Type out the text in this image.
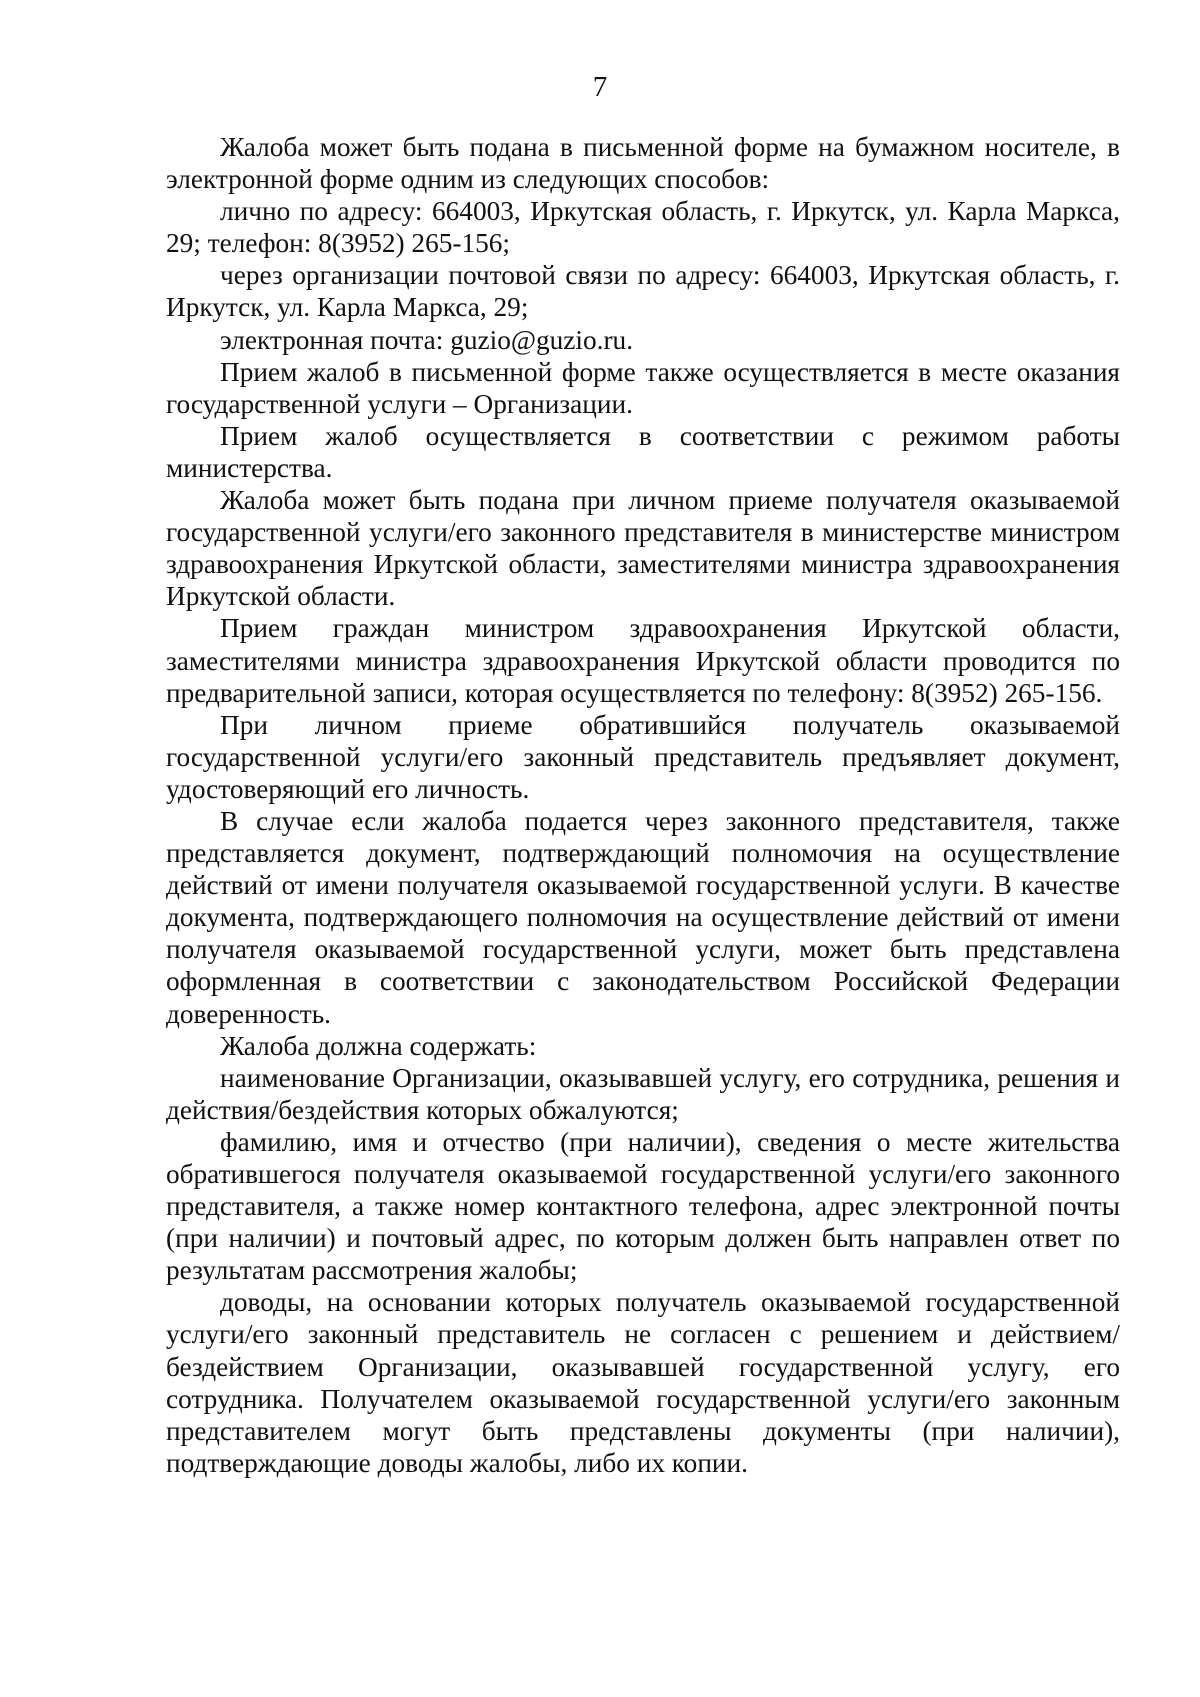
7

Жалоба может быть подана в письменной форме на бумажном носителе, в электронной форме одним из следующих способов:

лично по адресу: 664003, Иркутская область, г. Иркутск, ул. Карла Маркса, 29; телефон: 8(3952) 265-156;

через организации почтовой связи по адресу: 664003, Иркутская область, г. Иркутск, ул. Карла Маркса, 29;

электронная почта: guzio@guzio.ru.

Прием жалоб в письменной форме также осуществляется в месте оказания государственной услуги – Организации.

Прием жалоб осуществляется в соответствии с режимом работы министерства.

Жалоба может быть подана при личном приеме получателя оказываемой государственной услуги/его законного представителя в министерстве министром здравоохранения Иркутской области, заместителями министра здравоохранения Иркутской области.

Прием граждан министром здравоохранения Иркутской области, заместителями министра здравоохранения Иркутской области проводится по предварительной записи, которая осуществляется по телефону: 8(3952) 265-156.

При личном приеме обратившийся получатель оказываемой государственной услуги/его законный представитель предъявляет документ, удостоверяющий его личность.

В случае если жалоба подается через законного представителя, также представляется документ, подтверждающий полномочия на осуществление действий от имени получателя оказываемой государственной услуги. В качестве документа, подтверждающего полномочия на осуществление действий от имени получателя оказываемой государственной услуги, может быть представлена оформленная в соответствии с законодательством Российской Федерации доверенность.

Жалоба должна содержать:

наименование Организации, оказывавшей услугу, его сотрудника, решения и действия/бездействия которых обжалуются;

фамилию, имя и отчество (при наличии), сведения о месте жительства обратившегося получателя оказываемой государственной услуги/его законного представителя, а также номер контактного телефона, адрес электронной почты (при наличии) и почтовый адрес, по которым должен быть направлен ответ по результатам рассмотрения жалобы;

доводы, на основании которых получатель оказываемой государственной услуги/его законный представитель не согласен с решением и действием/бездействием Организации, оказывавшей государственной услугу, его сотрудника. Получателем оказываемой государственной услуги/его законным представителем могут быть представлены документы (при наличии), подтверждающие доводы жалобы, либо их копии.
